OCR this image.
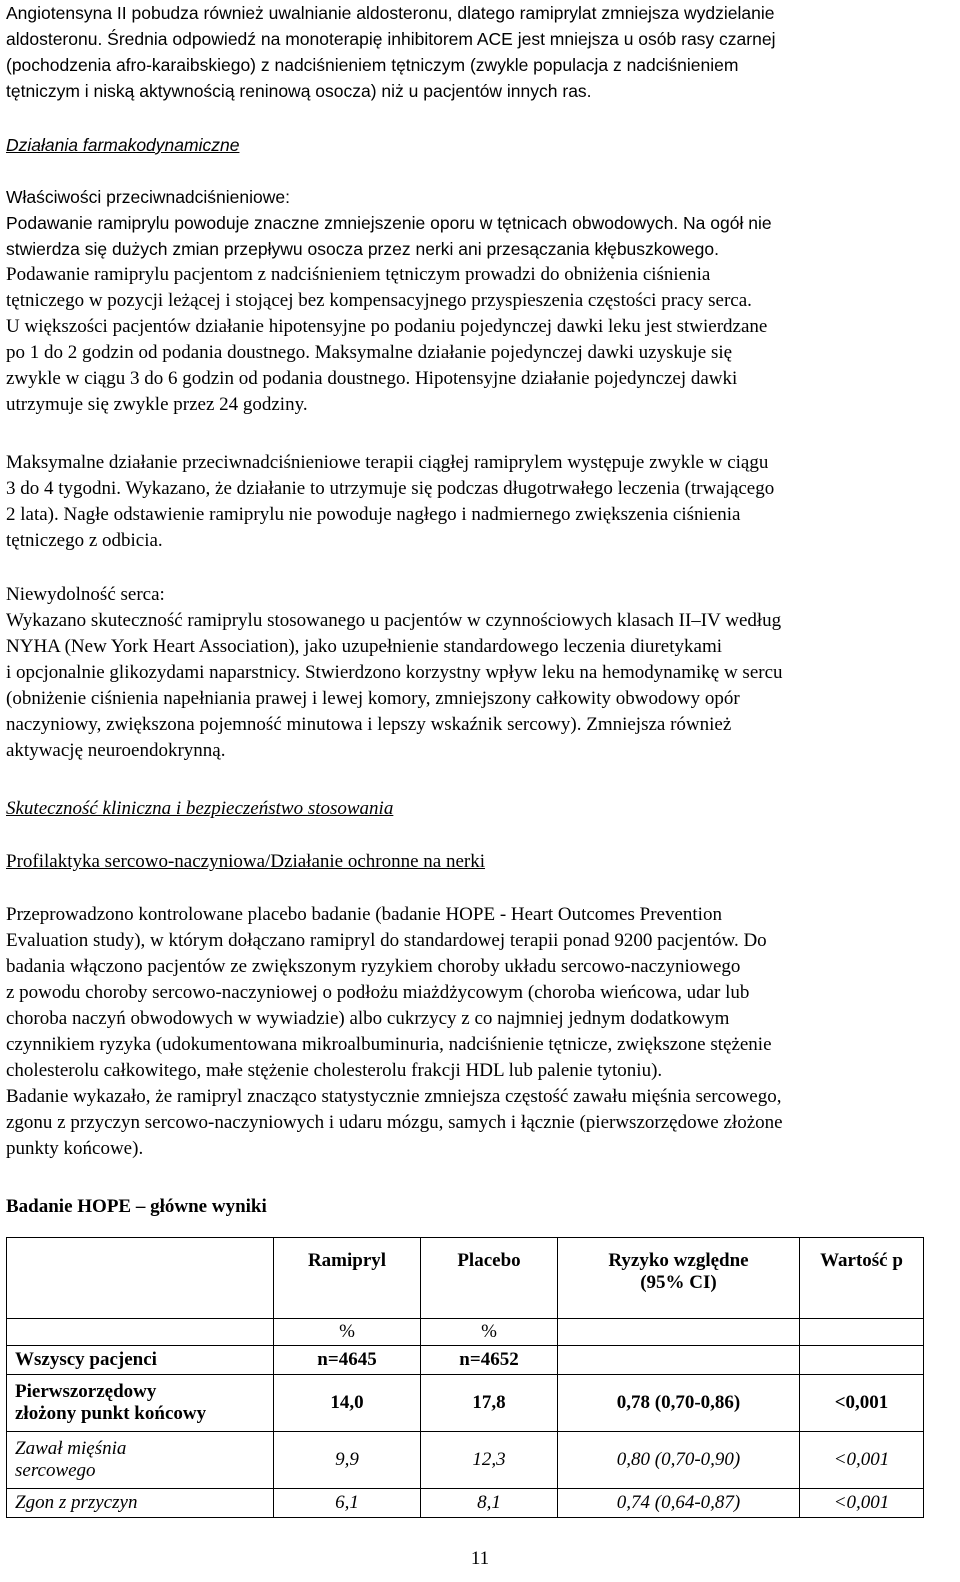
Angiotensyna II pobudza również uwalnianie aldosteronu, dlatego ramiprylat zmniejsza wydzielanie
aldosteronu. Średnia odpowiedź na monoterapię inhibitorem ACE jest mniejsza u osób rasy czarnej
(pochodzenia afro-karaibskiego) z nadciśnieniem tętniczym (zwykle populacja z nadciśnieniem
tętniczym i niską aktywnością reninową osocza) niż u pacjentów innych ras.
Działania farmakodynamiczne
Właściwości przeciwnadciśnieniowe:
Podawanie ramiprylu powoduje znaczne zmniejszenie oporu w tętnicach obwodowych. Na ogół nie
stwierdza się dużych zmian przepływu osocza przez nerki ani przesączania kłębuszkowego.
Podawanie ramiprylu pacjentom z nadciśnieniem tętniczym prowadzi do obniżenia ciśnienia
tętniczego w pozycji leżącej i stojącej bez kompensacyjnego przyspieszenia częstości pracy serca.
U większości pacjentów działanie hipotensyjne po podaniu pojedynczej dawki leku jest stwierdzane
po 1 do 2 godzin od podania doustnego. Maksymalne działanie pojedynczej dawki uzyskuje się
zwykle w ciągu 3 do 6 godzin od podania doustnego. Hipotensyjne działanie pojedynczej dawki
utrzymuje się zwykle przez 24 godziny.
Maksymalne działanie przeciwnadciśnieniowe terapii ciągłej ramiprylem występuje zwykle w ciągu
3 do 4 tygodni. Wykazano, że działanie to utrzymuje się podczas długotrwałego leczenia (trwającego
2 lata). Nagłe odstawienie ramiprylu nie powoduje nagłego i nadmiernego zwiększenia ciśnienia
tętniczego z odbicia.
Niewydolność serca:
Wykazano skuteczność ramiprylu stosowanego u pacjentów w czynnościowych klasach II–IV według
NYHA (New York Heart Association), jako uzupełnienie standardowego leczenia diuretykami
i opcjonalnie glikozydami naparstnicy. Stwierdzono korzystny wpływ leku na hemodynamikę w sercu
(obniżenie ciśnienia napełniania prawej i lewej komory, zmniejszony całkowity obwodowy opór
naczyniowy, zwiększona pojemność minutowa i lepszy wskaźnik sercowy). Zmniejsza również
aktywację neuroendokrynną.
Skuteczność kliniczna i bezpieczeństwo stosowania
Profilaktyka sercowo-naczyniowa/Działanie ochronne na nerki
Przeprowadzono kontrolowane placebo badanie (badanie HOPE - Heart Outcomes Prevention
Evaluation study), w którym dołączano ramipryl do standardowej terapii ponad 9200 pacjentów. Do
badania włączono pacjentów ze zwiększonym ryzykiem choroby układu sercowo-naczyniowego
z powodu choroby sercowo-naczyniowej o podłożu miażdżycowym (choroba wieńcowa, udar lub
choroba naczyń obwodowych w wywiadzie) albo cukrzycy z co najmniej jednym dodatkowym
czynnikiem ryzyka (udokumentowana mikroalbuminuria, nadciśnienie tętnicze, zwiększone stężenie
cholesterolu całkowitego, małe stężenie cholesterolu frakcji HDL lub palenie tytoniu).
Badanie wykazało, że ramipryl znacząco statystycznie zmniejsza częstość zawału mięśnia sercowego,
zgonu z przyczyn sercowo-naczyniowych i udaru mózgu, samych i łącznie (pierwszorzędowe złożone
punkty końcowe).
Badanie HOPE – główne wyniki
	Ramipryl	Placebo	Ryzyko względne
(95% CI)	Wartość p
	%	%		
Wszyscy pacjenci	n=4645	n=4652		
Pierwszorzędowy
złożony punkt końcowy	14,0	17,8	0,78 (0,70-0,86)	<0,001
Zawał mięśnia
sercowego	9,9	12,3	0,80 (0,70-0,90)	<0,001
Zgon z przyczyn	6,1	8,1	0,74 (0,64-0,87)	<0,001
11
